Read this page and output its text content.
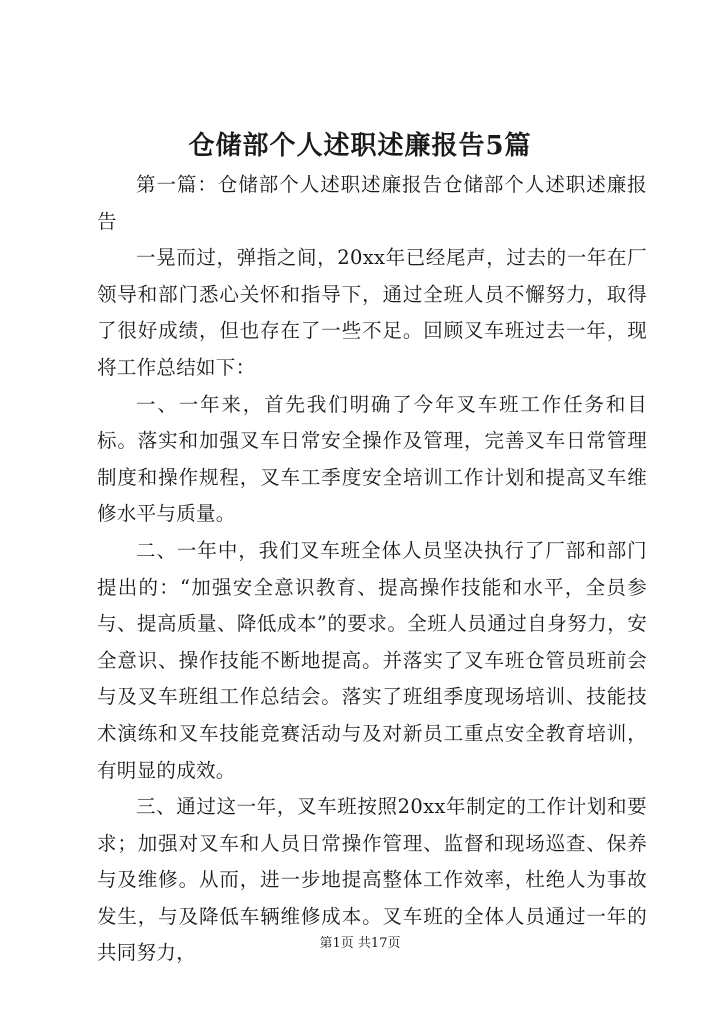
仓储部个人述职述廉报告5篇

第一篇：仓储部个人述职述廉报告仓储部个人述职述廉报告

一晃而过，弹指之间，20xx年已经尾声，过去的一年在厂领导和部门悉心关怀和指导下，通过全班人员不懈努力，取得了很好成绩，但也存在了一些不足。回顾叉车班过去一年，现将工作总结如下：

一、一年来，首先我们明确了今年叉车班工作任务和目标。落实和加强叉车日常安全操作及管理，完善叉车日常管理制度和操作规程，叉车工季度安全培训工作计划和提高叉车维修水平与质量。

二、一年中，我们叉车班全体人员坚决执行了厂部和部门提出的：“加强安全意识教育、提高操作技能和水平，全员参与、提高质量、降低成本”的要求。全班人员通过自身努力，安全意识、操作技能不断地提高。并落实了叉车班仓管员班前会与及叉车班组工作总结会。落实了班组季度现场培训、技能技术演练和叉车技能竞赛活动与及对新员工重点安全教育培训，有明显的成效。

三、通过这一年，叉车班按照20xx年制定的工作计划和要求；加强对叉车和人员日常操作管理、监督和现场巡查、保养与及维修。从而，进一步地提高整体工作效率，杜绝人为事故发生，与及降低车辆维修成本。叉车班的全体人员通过一年的共同努力，	第1页 共17页
